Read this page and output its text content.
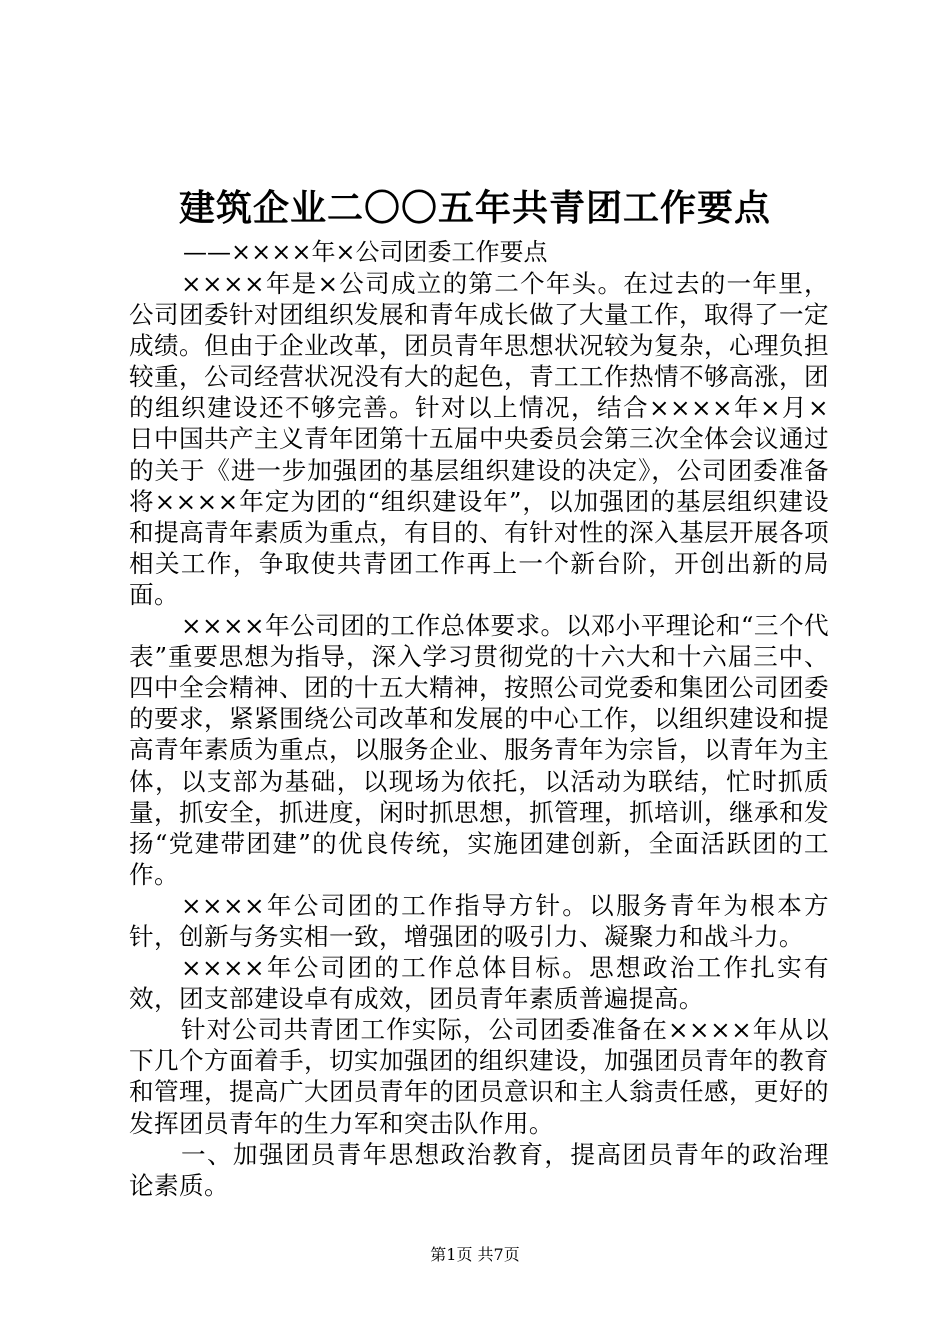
建筑企业二〇〇五年共青团工作要点
——××××年×公司团委工作要点

××××年是×公司成立的第二个年头。在过去的一年里，公司团委针对团组织发展和青年成长做了大量工作，取得了一定成绩。但由于企业改革，团员青年思想状况较为复杂，心理负担较重，公司经营状况没有大的起色，青工工作热情不够高涨，团的组织建设还不够完善。针对以上情况，结合××××年×月×日中国共产主义青年团第十五届中央委员会第三次全体会议通过的关于《进一步加强团的基层组织建设的决定》，公司团委准备将××××年定为团的“组织建设年”，以加强团的基层组织建设和提高青年素质为重点，有目的、有针对性的深入基层开展各项相关工作，争取使共青团工作再上一个新台阶，开创出新的局面。

××××年公司团的工作总体要求。以邓小平理论和“三个代表”重要思想为指导，深入学习贯彻党的十六大和十六届三中、四中全会精神、团的十五大精神，按照公司党委和集团公司团委的要求，紧紧围绕公司改革和发展的中心工作，以组织建设和提高青年素质为重点，以服务企业、服务青年为宗旨，以青年为主体，以支部为基础，以现场为依托，以活动为联结，忙时抓质量，抓安全，抓进度，闲时抓思想，抓管理，抓培训，继承和发扬“党建带团建”的优良传统，实施团建创新，全面活跃团的工作。

××××年公司团的工作指导方针。以服务青年为根本方针，创新与务实相一致，增强团的吸引力、凝聚力和战斗力。

××××年公司团的工作总体目标。思想政治工作扎实有效，团支部建设卓有成效，团员青年素质普遍提高。

针对公司共青团工作实际，公司团委准备在××××年从以下几个方面着手，切实加强团的组织建设，加强团员青年的教育和管理，提高广大团员青年的团员意识和主人翁责任感，更好的发挥团员青年的生力军和突击队作用。

一、加强团员青年思想政治教育，提高团员青年的政治理论素质。

第1页 共7页
